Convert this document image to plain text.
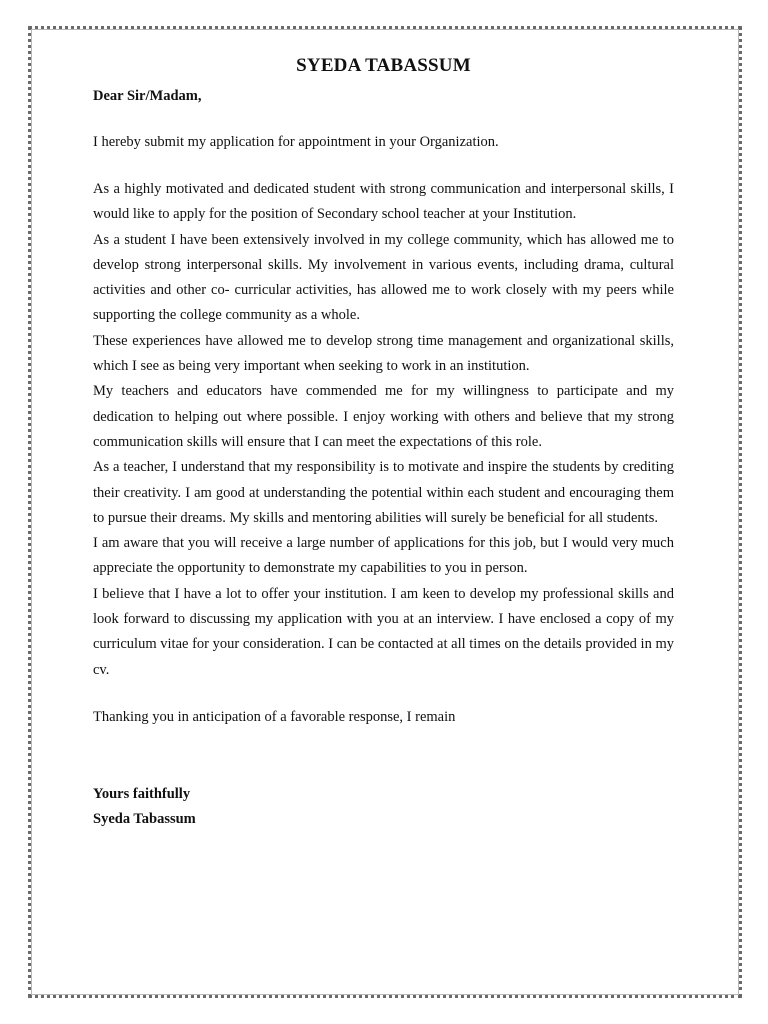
SYEDA TABASSUM
Dear Sir/Madam,
I hereby submit my application for appointment in your Organization.

As a highly motivated and dedicated student with strong communication and interpersonal skills, I would like to apply for the position of Secondary school teacher at your Institution.

As a student I have been extensively involved in my college community, which has allowed me to develop strong interpersonal skills. My involvement in various events, including drama, cultural activities and other co- curricular activities, has allowed me to work closely with my peers while supporting the college community as a whole.

These experiences have allowed me to develop strong time management and organizational skills, which I see as being very important when seeking to work in an institution.

My teachers and educators have commended me for my willingness to participate and my dedication to helping out where possible. I enjoy working with others and believe that my strong communication skills will ensure that I can meet the expectations of this role.

As a teacher, I understand that my responsibility is to motivate and inspire the students by crediting their creativity. I am good at understanding the potential within each student and encouraging them to pursue their dreams. My skills and mentoring abilities will surely be beneficial for all students.

I am aware that you will receive a large number of applications for this job, but I would very much appreciate the opportunity to demonstrate my capabilities to you in person.

I believe that I have a lot to offer your institution. I am keen to develop my professional skills and look forward to discussing my application with you at an interview. I have enclosed a copy of my curriculum vitae for your consideration. I can be contacted at all times on the details provided in my cv.

Thanking you in anticipation of a favorable response, I remain
Yours faithfully
Syeda Tabassum
